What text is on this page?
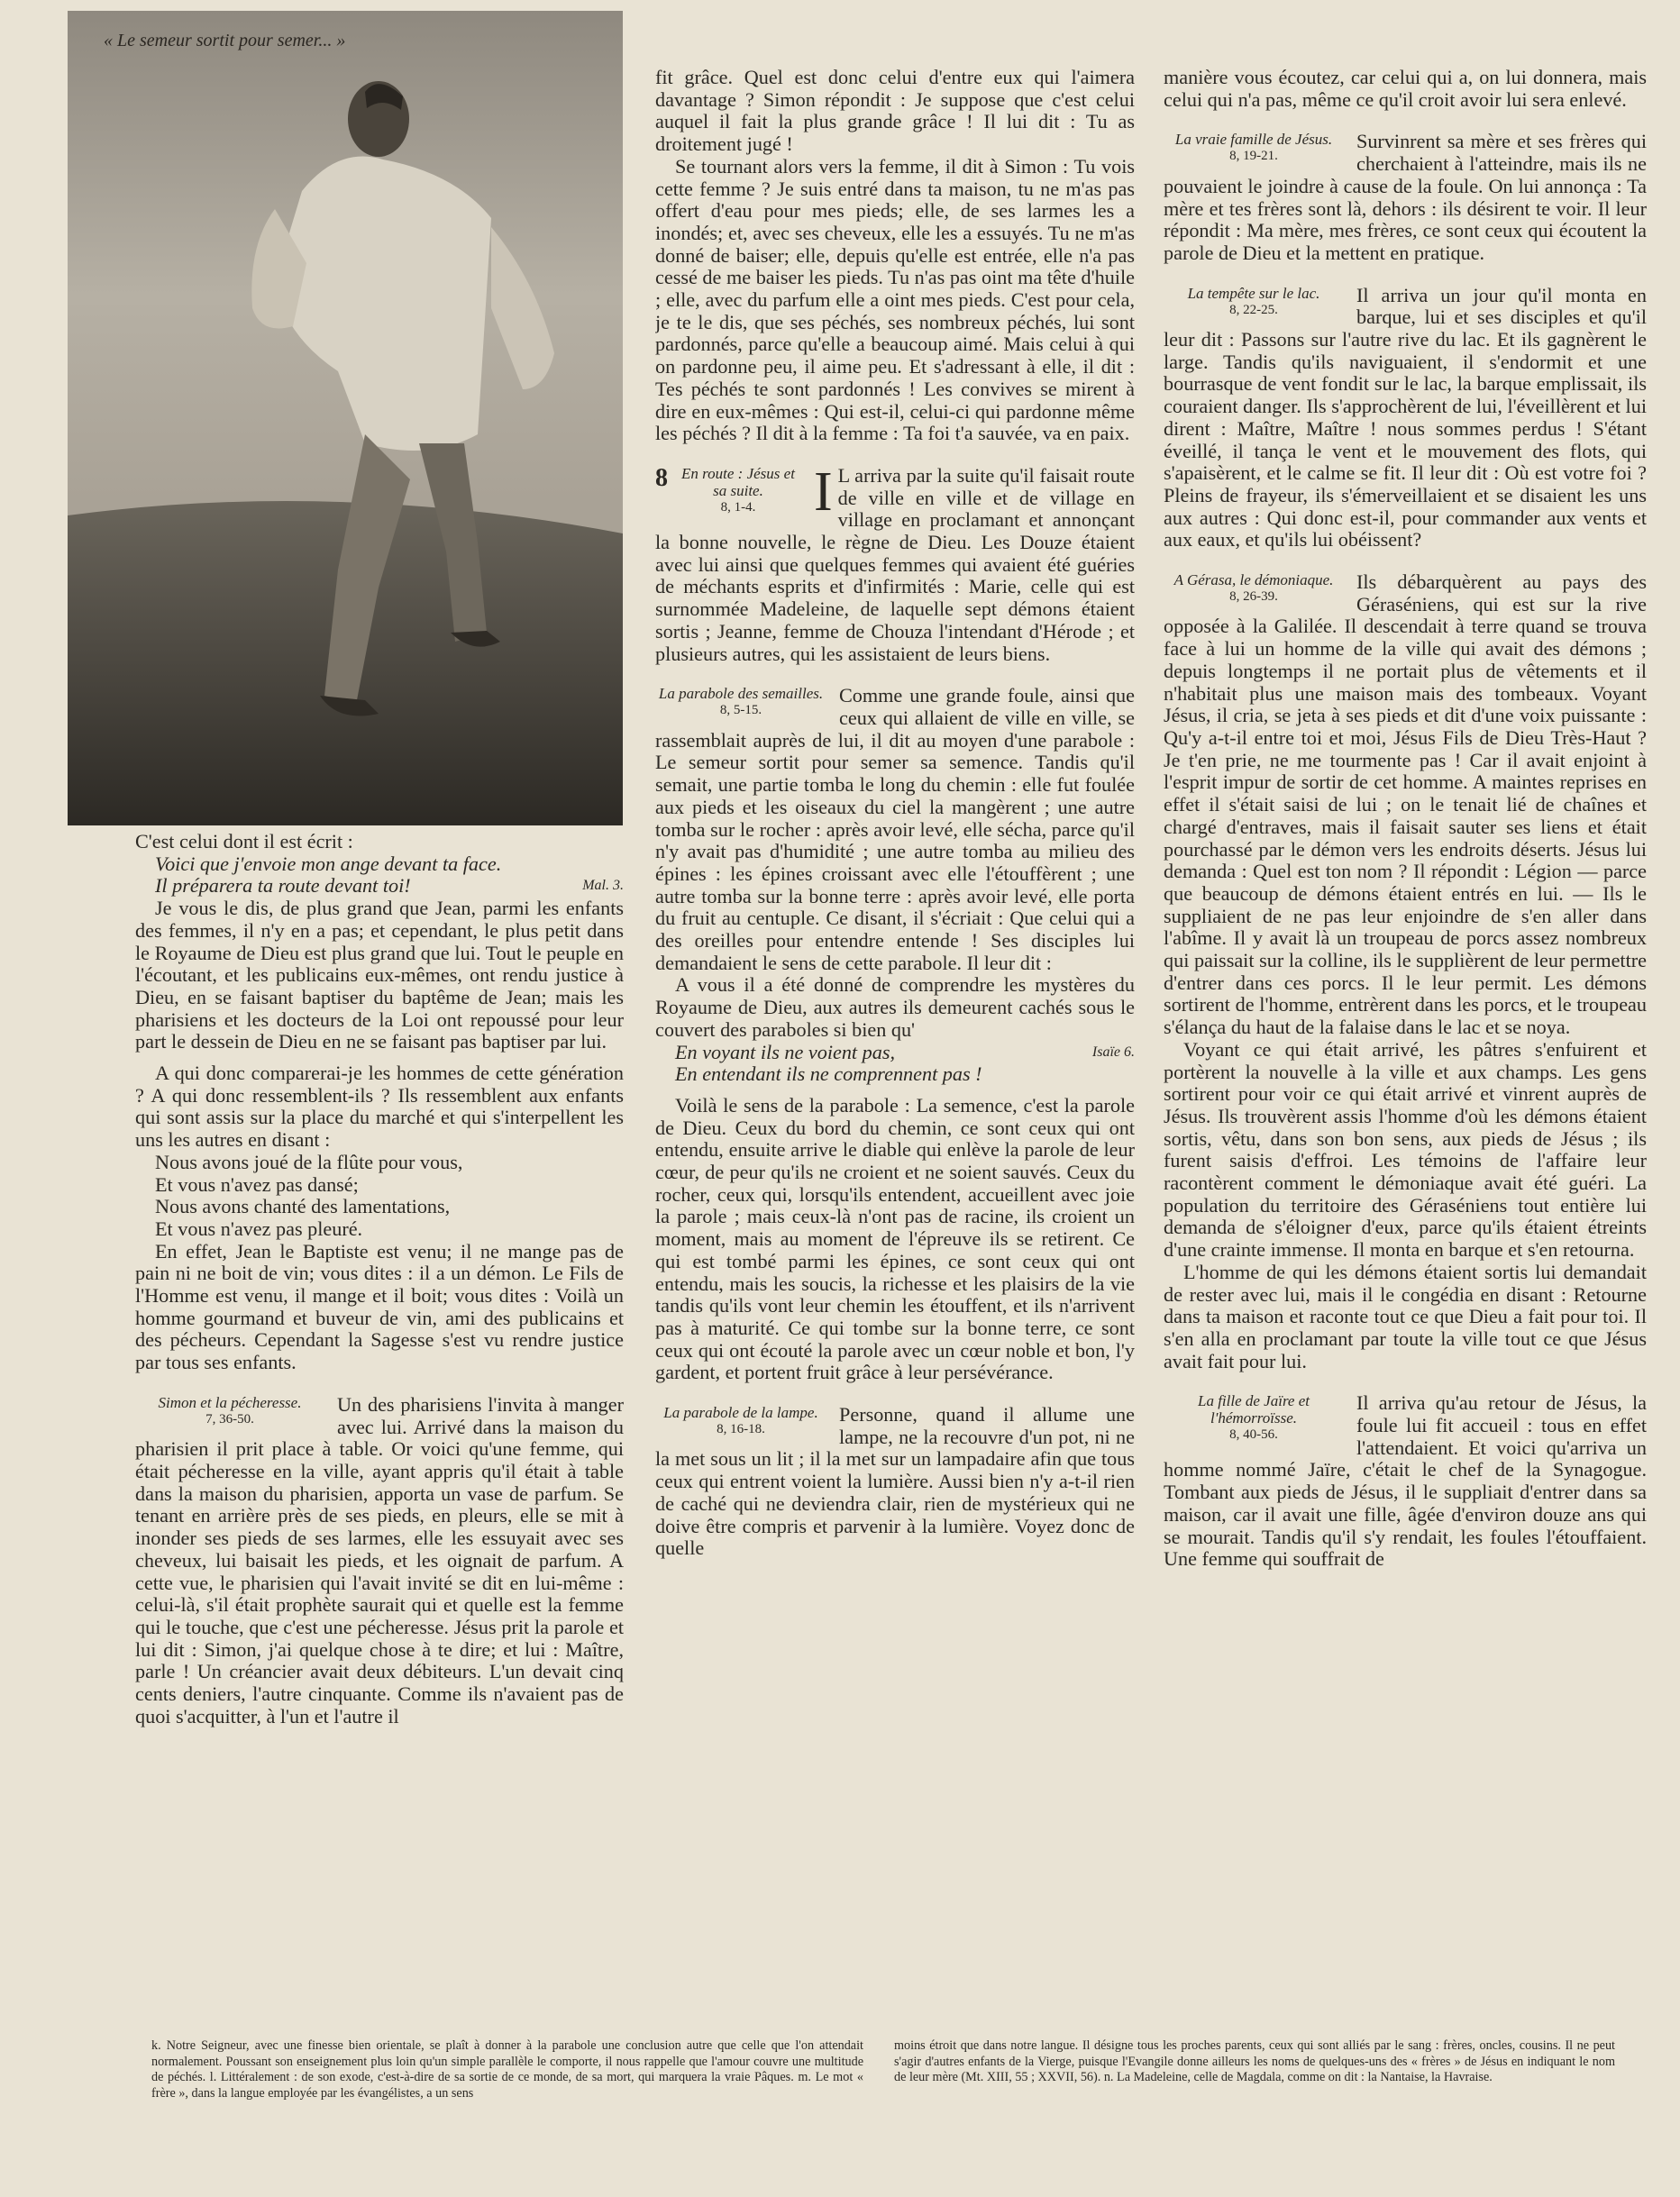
« Le semeur sortit pour semer... »

C'est celui dont il est écrit :

Voici que j'envoie mon ange devant ta face.
Il préparera ta route devant toi!	Mal. 3.

Je vous le dis, de plus grand que Jean, parmi les enfants des femmes, il n'y en a pas; et cependant, le plus petit dans le Royaume de Dieu est plus grand que lui. Tout le peuple en l'écoutant, et les publicains eux-mêmes, ont rendu justice à Dieu, en se faisant baptiser du baptême de Jean; mais les pharisiens et les docteurs de la Loi ont repoussé pour leur part le dessein de Dieu en ne se faisant pas baptiser par lui.

A qui donc comparerai-je les hommes de cette génération ? A qui donc ressemblent-ils ? Ils ressemblent aux enfants qui sont assis sur la place du marché et qui s'interpellent les uns les autres en disant :

Nous avons joué de la flûte pour vous,
Et vous n'avez pas dansé;
Nous avons chanté des lamentations,
Et vous n'avez pas pleuré.

En effet, Jean le Baptiste est venu; il ne mange pas de pain ni ne boit de vin; vous dites : il a un démon. Le Fils de l'Homme est venu, il mange et il boit; vous dites : Voilà un homme gourmand et buveur de vin, ami des publicains et des pécheurs. Cependant la Sagesse s'est vu rendre justice par tous ses enfants.

Simon et la pécheresse.
7, 36-50.

Un des pharisiens l'invita à manger avec lui. Arrivé dans la maison du pharisien il prit place à table. Or voici qu'une femme, qui était pécheresse en la ville, ayant appris qu'il était à table dans la maison du pharisien, apporta un vase de parfum. Se tenant en arrière près de ses pieds, en pleurs, elle se mit à inonder ses pieds de ses larmes, elle les essuyait avec ses cheveux, lui baisait les pieds, et les oignait de parfum. A cette vue, le pharisien qui l'avait invité se dit en lui-même : celui-là, s'il était prophète saurait qui et quelle est la femme qui le touche, que c'est une pécheresse. Jésus prit la parole et lui dit : Simon, j'ai quelque chose à te dire; et lui : Maître, parle ! Un créancier avait deux débiteurs. L'un devait cinq cents deniers, l'autre cinquante. Comme ils n'avaient pas de quoi s'acquitter, à l'un et l'autre il

fit grâce. Quel est donc celui d'entre eux qui l'aimera davantage ? Simon répondit : Je suppose que c'est celui auquel il fait la plus grande grâce ! Il lui dit : Tu as droitement jugé !

Se tournant alors vers la femme, il dit à Simon : Tu vois cette femme ? Je suis entré dans ta maison, tu ne m'as pas offert d'eau pour mes pieds; elle, de ses larmes les a inondés; et, avec ses cheveux, elle les a essuyés. Tu ne m'as donné de baiser; elle, depuis qu'elle est entrée, elle n'a pas cessé de me baiser les pieds. Tu n'as pas oint ma tête d'huile ; elle, avec du parfum elle a oint mes pieds. C'est pour cela, je te le dis, que ses péchés, ses nombreux péchés, lui sont pardonnés, parce qu'elle a beaucoup aimé. Mais celui à qui on pardonne peu, il aime peu. Et s'adressant à elle, il dit : Tes péchés te sont pardonnés ! Les convives se mirent à dire en eux-mêmes : Qui est-il, celui-ci qui pardonne même les péchés ? Il dit à la femme : Ta foi t'a sauvée, va en paix.

8 En route : Jésus et sa suite.
8, 1-4.	I L arriva par la suite qu'il faisait route de ville en ville et de village en village en proclamant et annonçant la bonne nouvelle, le règne de Dieu. Les Douze étaient avec lui ainsi que quelques femmes qui avaient été guéries de méchants esprits et d'infirmités : Marie, celle qui est surnommée Madeleine, de laquelle sept démons étaient sortis ; Jeanne, femme de Chouza l'intendant d'Hérode ; et plusieurs autres, qui les assistaient de leurs biens.

La parabole des semailles.
8, 5-15.

Comme une grande foule, ainsi que ceux qui allaient de ville en ville, se rassemblait auprès de lui, il dit au moyen d'une parabole : Le semeur sortit pour semer sa semence. Tandis qu'il semait, une partie tomba le long du chemin : elle fut foulée aux pieds et les oiseaux du ciel la mangèrent ; une autre tomba sur le rocher : après avoir levé, elle sécha, parce qu'il n'y avait pas d'humidité ; une autre tomba au milieu des épines : les épines croissant avec elle l'étouffèrent ; une autre tomba sur la bonne terre : après avoir levé, elle porta du fruit au centuple. Ce disant, il s'écriait : Que celui qui a des oreilles pour entendre entende ! Ses disciples lui demandaient le sens de cette parabole. Il leur dit :

A vous il a été donné de comprendre les mystères du Royaume de Dieu, aux autres ils demeurent cachés sous le couvert des paraboles si bien qu'

En voyant ils ne voient pas,	Isaïe 6.
En entendant ils ne comprennent pas !

Voilà le sens de la parabole : La semence, c'est la parole de Dieu. Ceux du bord du chemin, ce sont ceux qui ont entendu, ensuite arrive le diable qui enlève la parole de leur cœur, de peur qu'ils ne croient et ne soient sauvés. Ceux du rocher, ceux qui, lorsqu'ils entendent, accueillent avec joie la parole ; mais ceux-là n'ont pas de racine, ils croient un moment, mais au moment de l'épreuve ils se retirent. Ce qui est tombé parmi les épines, ce sont ceux qui ont entendu, mais les soucis, la richesse et les plaisirs de la vie tandis qu'ils vont leur chemin les étouffent, et ils n'arrivent pas à maturité. Ce qui tombe sur la bonne terre, ce sont ceux qui ont écouté la parole avec un cœur noble et bon, l'y gardent, et portent fruit grâce à leur persévérance.

La parabole de la lampe.
8, 16-18.

Personne, quand il allume une lampe, ne la recouvre d'un pot, ni ne la met sous un lit ; il la met sur un lampadaire afin que tous ceux qui entrent voient la lumière. Aussi bien n'y a-t-il rien de caché qui ne deviendra clair, rien de mystérieux qui ne doive être compris et parvenir à la lumière. Voyez donc de quelle

manière vous écoutez, car celui qui a, on lui donnera, mais celui qui n'a pas, même ce qu'il croit avoir lui sera enlevé.

La vraie famille de Jésus.
8, 19-21.

Survinrent sa mère et ses frères qui cherchaient à l'atteindre, mais ils ne pouvaient le joindre à cause de la foule. On lui annonça : Ta mère et tes frères sont là, dehors : ils désirent te voir. Il leur répondit : Ma mère, mes frères, ce sont ceux qui écoutent la parole de Dieu et la mettent en pratique.

La tempête sur le lac.
8, 22-25.

Il arriva un jour qu'il monta en barque, lui et ses disciples et qu'il leur dit : Passons sur l'autre rive du lac. Et ils gagnèrent le large. Tandis qu'ils naviguaient, il s'endormit et une bourrasque de vent fondit sur le lac, la barque emplissait, ils couraient danger. Ils s'approchèrent de lui, l'éveillèrent et lui dirent : Maître, Maître ! nous sommes perdus ! S'étant éveillé, il tança le vent et le mouvement des flots, qui s'apaisèrent, et le calme se fit. Il leur dit : Où est votre foi ? Pleins de frayeur, ils s'émerveillaient et se disaient les uns aux autres : Qui donc est-il, pour commander aux vents et aux eaux, et qu'ils lui obéissent?

A Gérasa, le démoniaque.
8, 26-39.

Ils débarquèrent au pays des Géraséniens, qui est sur la rive opposée à la Galilée. Il descendait à terre quand se trouva face à lui un homme de la ville qui avait des démons ; depuis longtemps il ne portait plus de vêtements et il n'habitait plus une maison mais des tombeaux. Voyant Jésus, il cria, se jeta à ses pieds et dit d'une voix puissante : Qu'y a-t-il entre toi et moi, Jésus Fils de Dieu Très-Haut ? Je t'en prie, ne me tourmente pas ! Car il avait enjoint à l'esprit impur de sortir de cet homme. A maintes reprises en effet il s'était saisi de lui ; on le tenait lié de chaînes et chargé d'entraves, mais il faisait sauter ses liens et était pourchassé par le démon vers les endroits déserts. Jésus lui demanda : Quel est ton nom ? Il répondit : Légion — parce que beaucoup de démons étaient entrés en lui. — Ils le suppliaient de ne pas leur enjoindre de s'en aller dans l'abîme. Il y avait là un troupeau de porcs assez nombreux qui paissait sur la colline, ils le supplièrent de leur permettre d'entrer dans ces porcs. Il le leur permit. Les démons sortirent de l'homme, entrèrent dans les porcs, et le troupeau s'élança du haut de la falaise dans le lac et se noya.

Voyant ce qui était arrivé, les pâtres s'enfuirent et portèrent la nouvelle à la ville et aux champs. Les gens sortirent pour voir ce qui était arrivé et vinrent auprès de Jésus. Ils trouvèrent assis l'homme d'où les démons étaient sortis, vêtu, dans son bon sens, aux pieds de Jésus ; ils furent saisis d'effroi. Les témoins de l'affaire leur racontèrent comment le démoniaque avait été guéri. La population du territoire des Géraséniens tout entière lui demanda de s'éloigner d'eux, parce qu'ils étaient étreints d'une crainte immense. Il monta en barque et s'en retourna.

L'homme de qui les démons étaient sortis lui demandait de rester avec lui, mais il le congédia en disant : Retourne dans ta maison et raconte tout ce que Dieu a fait pour toi. Il s'en alla en proclamant par toute la ville tout ce que Jésus avait fait pour lui.

La fille de Jaïre et l'hémorroïsse.
8, 40-56.

Il arriva qu'au retour de Jésus, la foule lui fit accueil : tous en effet l'attendaient. Et voici qu'arriva un homme nommé Jaïre, c'était le chef de la Synagogue. Tombant aux pieds de Jésus, il le suppliait d'entrer dans sa maison, car il avait une fille, âgée d'environ douze ans qui se mourait. Tandis qu'il s'y rendait, les foules l'étouffaient. Une femme qui souffrait de

k. Notre Seigneur, avec une finesse bien orientale, se plaît à donner à la parabole une conclusion autre que celle que l'on attendait normalement. Poussant son enseignement plus loin qu'un simple parallèle le comporte, il nous rappelle que l'amour couvre une multitude de péchés. l. Littéralement : de son exode, c'est-à-dire de sa sortie de ce monde, de sa mort, qui marquera la vraie Pâques. m. Le mot « frère », dans la langue employée par les évangélistes, a un sens
moins étroit que dans notre langue. Il désigne tous les proches parents, ceux qui sont alliés par le sang : frères, oncles, cousins. Il ne peut s'agir d'autres enfants de la Vierge, puisque l'Evangile donne ailleurs les noms de quelques-uns des « frères » de Jésus en indiquant le nom de leur mère (Mt. XIII, 55 ; XXVII, 56). n. La Madeleine, celle de Magdala, comme on dit : la Nantaise, la Havraise.
